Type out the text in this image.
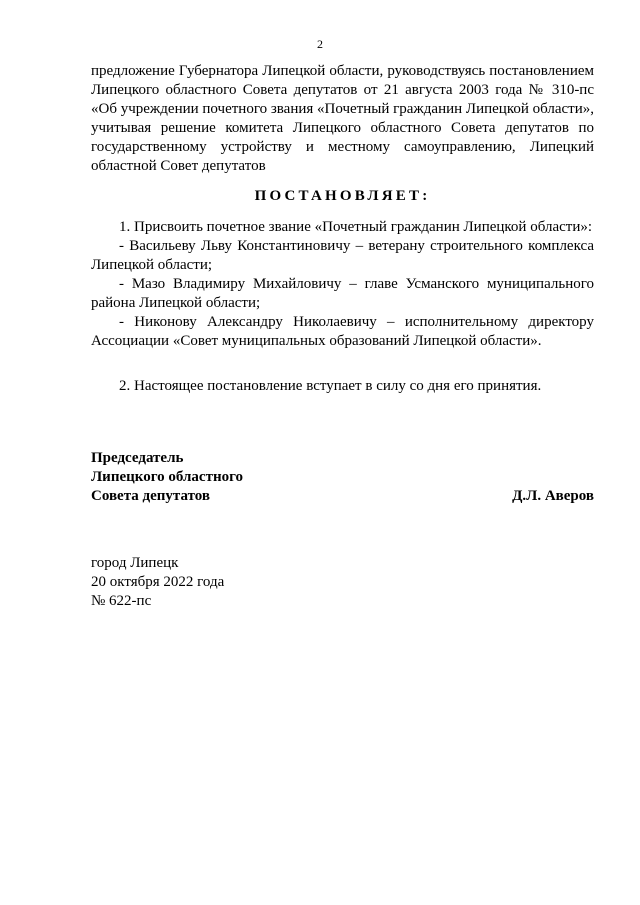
2
предложение Губернатора Липецкой области, руководствуясь постановлением Липецкого областного Совета депутатов от 21 августа 2003 года № 310-пс «Об учреждении почетного звания «Почетный гражданин Липецкой области», учитывая решение комитета Липецкого областного Совета депутатов по государственному устройству и местному самоуправлению, Липецкий областной Совет депутатов
ПОСТАНОВЛЯЕТ:

1. Присвоить почетное звание «Почетный гражданин Липецкой области»:

- Васильеву Льву Константиновичу – ветерану строительного комплекса Липецкой области;

- Мазо Владимиру Михайловичу – главе Усманского муниципального района Липецкой области;

- Никонову Александру Николаевичу – исполнительному директору Ассоциации «Совет муниципальных образований Липецкой области».

2. Настоящее постановление вступает в силу со дня его принятия.
Председатель
Липецкого областного
Совета депутатов	Д.Л. Аверов
город Липецк
20 октября 2022 года
№ 622-пс
